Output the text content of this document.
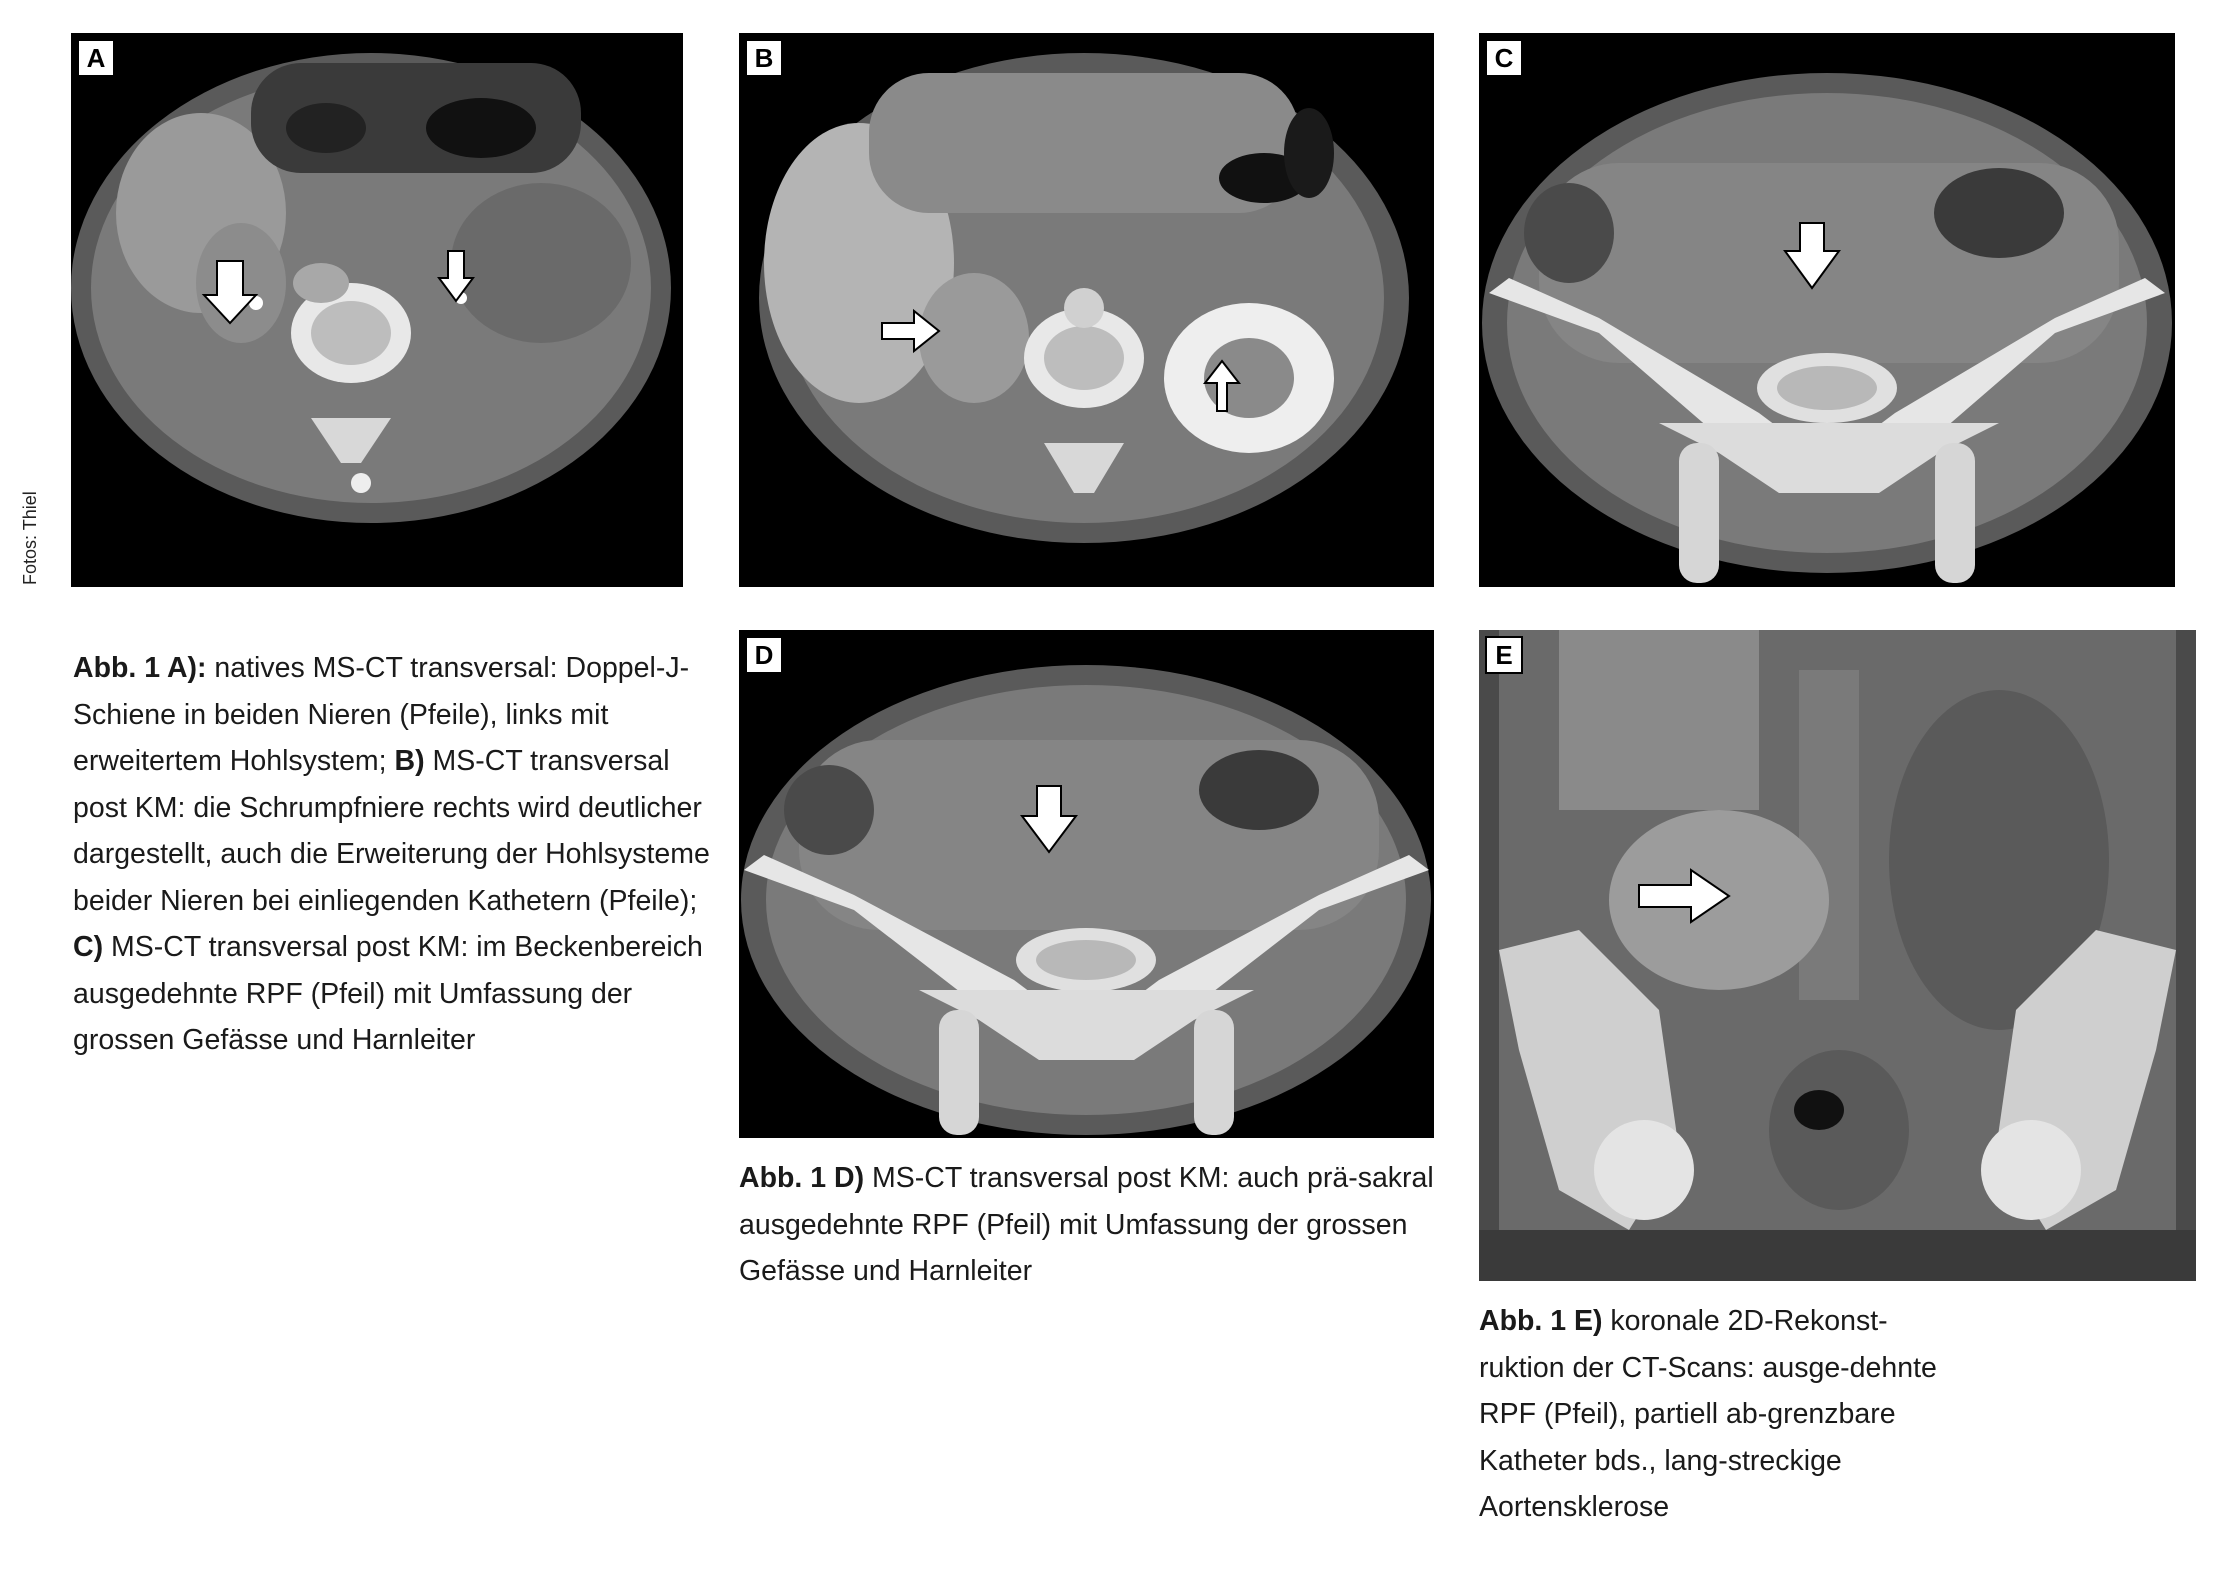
Fotos: Thiel
A	B	C
D	E
Abb. 1 A): natives MS-CT transversal: Doppel-J-Schiene in beiden Nieren (Pfeile), links mit erweitertem Hohlsystem; B) MS-CT transversal post KM: die Schrumpfniere rechts wird deutlicher dargestellt, auch die Erweiterung der Hohlsysteme beider Nieren bei einliegenden Kathetern (Pfeile); C) MS-CT transversal post KM: im Beckenbereich ausgedehnte RPF (Pfeil) mit Umfassung der grossen Gefässe und Harnleiter
Abb. 1 D) MS-CT transversal post KM: auch prä-sakral ausgedehnte RPF (Pfeil) mit Umfassung der grossen Gefässe und Harnleiter
Abb. 1 E) koronale 2D-Rekonst-ruktion der CT-Scans: ausge-dehnte RPF (Pfeil), partiell ab-grenzbare Katheter bds., lang-streckige Aortensklerose
